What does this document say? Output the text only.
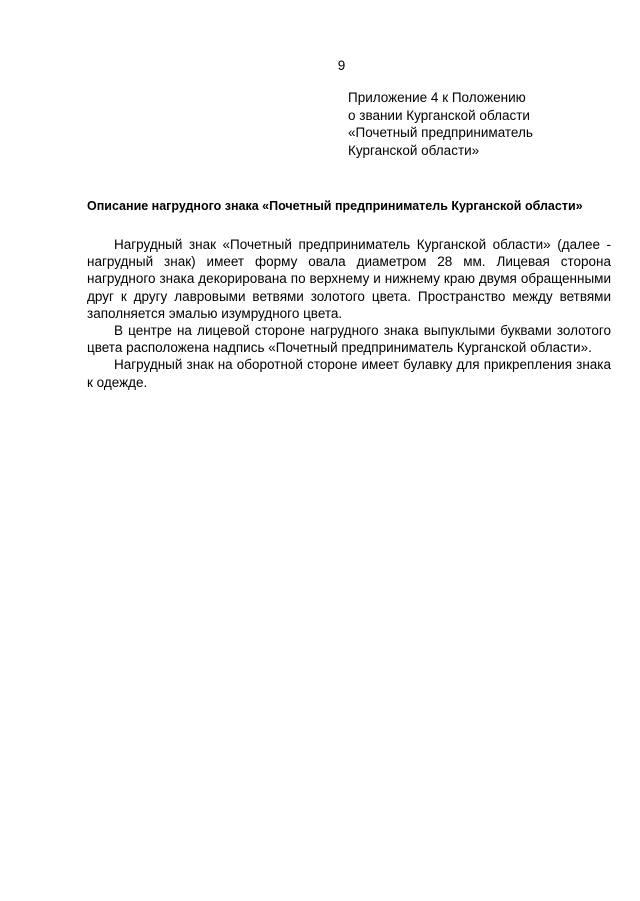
9
Приложение 4 к Положению
о звании Курганской области
«Почетный предприниматель
Курганской области»
Описание нагрудного знака «Почетный предприниматель Курганской области»

Нагрудный знак «Почетный предприниматель Курганской области» (далее - нагрудный знак) имеет форму овала диаметром 28 мм. Лицевая сторона нагрудного знака декорирована по верхнему и нижнему краю двумя обращенными друг к другу лавровыми ветвями золотого цвета. Пространство между ветвями заполняется эмалью изумрудного цвета.

В центре на лицевой стороне нагрудного знака выпуклыми буквами золотого цвета расположена надпись «Почетный предприниматель Курганской области».

Нагрудный знак на оборотной стороне имеет булавку для прикрепления знака к одежде.
